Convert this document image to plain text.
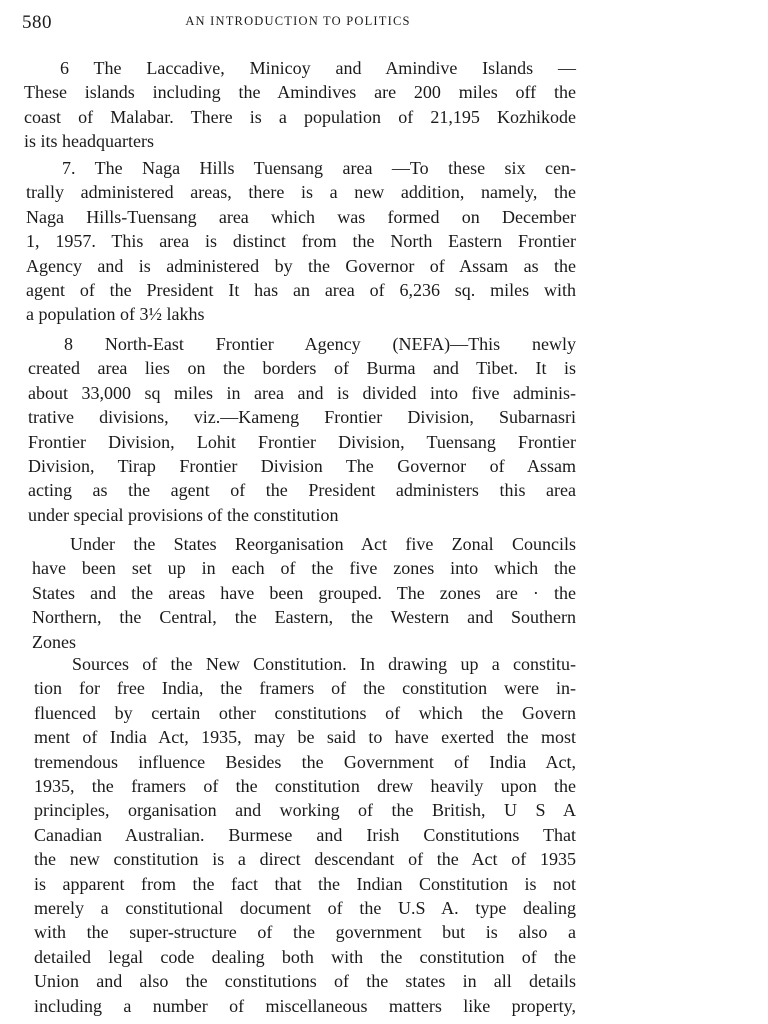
580	AN INTRODUCTION TO POLITICS
6 The Laccadive, Minicoy and Amindive Islands —
These islands including the Amindives are 200 miles off the
coast of Malabar. There is a population of 21,195 Kozhikode
is its headquarters
7. The Naga Hills Tuensang area —To these six cen-
trally administered areas, there is a new addition, namely, the
Naga Hills-Tuensang area which was formed on December
1, 1957. This area is distinct from the North Eastern Frontier
Agency and is administered by the Governor of Assam as the
agent of the President It has an area of 6,236 sq. miles with
a population of 3½ lakhs
8 North-East Frontier Agency (NEFA)—This newly
created area lies on the borders of Burma and Tibet. It is
about 33,000 sq miles in area and is divided into five adminis-
trative divisions, viz.—Kameng Frontier Division, Subarnasri
Frontier Division, Lohit Frontier Division, Tuensang Frontier
Division, Tirap Frontier Division The Governor of Assam
acting as the agent of the President administers this area
under special provisions of the constitution
Under the States Reorganisation Act five Zonal Councils
have been set up in each of the five zones into which the
States and the areas have been grouped. The zones are · the
Northern, the Central, the Eastern, the Western and Southern
Zones
Sources of the New Constitution. In drawing up a constitu-
tion for free India, the framers of the constitution were in-
fluenced by certain other constitutions of which the Govern
ment of India Act, 1935, may be said to have exerted the most
tremendous influence Besides the Government of India Act,
1935, the framers of the constitution drew heavily upon the
principles, organisation and working of the British, U S A
Canadian Australian. Burmese and Irish Constitutions That
the new constitution is a direct descendant of the Act of 1935
is apparent from the fact that the Indian Constitution is not
merely a constitutional document of the U.S A. type dealing
with the super-structure of the government but is also a
detailed legal code dealing both with the constitution of the
Union and also the constitutions of the states in all details
including a number of miscellaneous matters like property,
